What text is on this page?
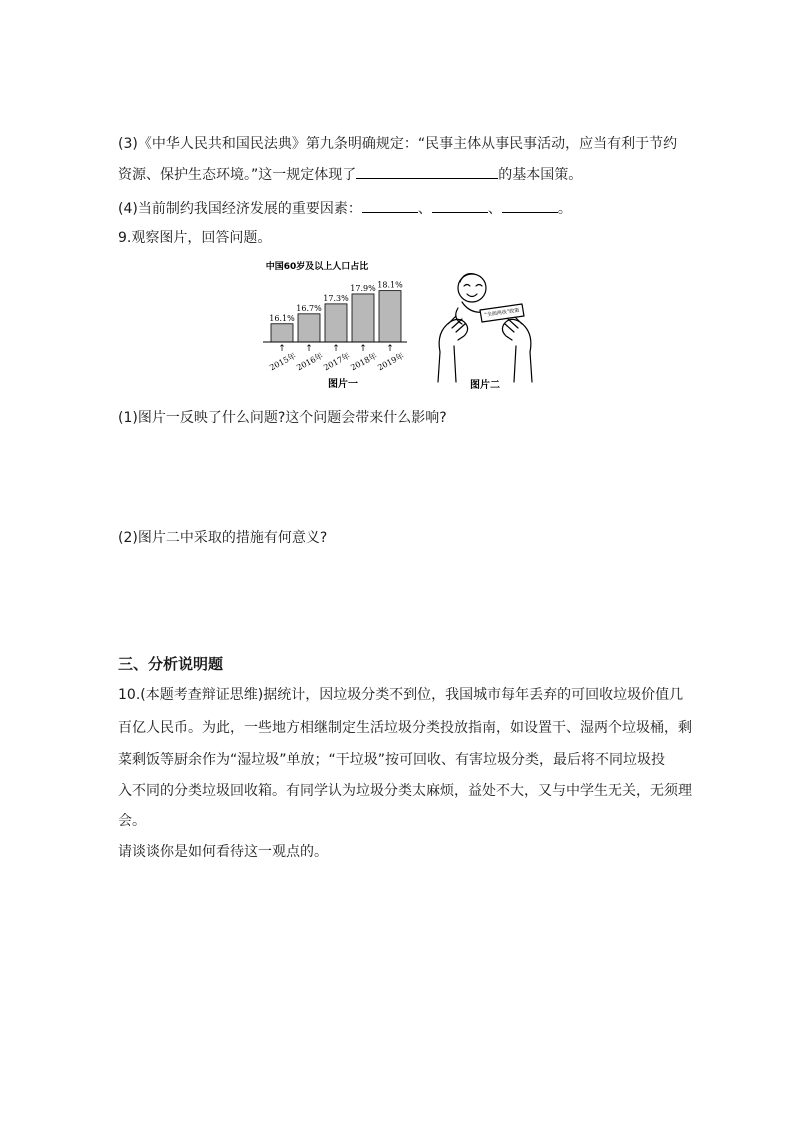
(3)《中华人民共和国民法典》第九条明确规定：“民事主体从事民事活动，应当有利于节约
资源、保护生态环境。”这一规定体现了	的基本国策。
(4)当前制约我国经济发展的重要因素：	、	、	。
9.观察图片，回答问题。
中国60岁及以上人口占比
16.1%
2015年
↑
16.7%
2016年
↑
17.3%
2017年
↑
17.9%
2018年
↑
18.1%
2019年
↑
图片一
“全面两孩”政策
图片二
(1)图片一反映了什么问题?这个问题会带来什么影响?
(2)图片二中采取的措施有何意义?
三、分析说明题
10.(本题考查辩证思维)据统计，因垃圾分类不到位，我国城市每年丢弃的可回收垃圾价值几
百亿人民币。为此，一些地方相继制定生活垃圾分类投放指南，如设置干、湿两个垃圾桶，剩
菜剩饭等厨余作为“湿垃圾”单放；“干垃圾”按可回收、有害垃圾分类，最后将不同垃圾投
入不同的分类垃圾回收箱。有同学认为垃圾分类太麻烦，益处不大，又与中学生无关，无须理
会。
请谈谈你是如何看待这一观点的。
